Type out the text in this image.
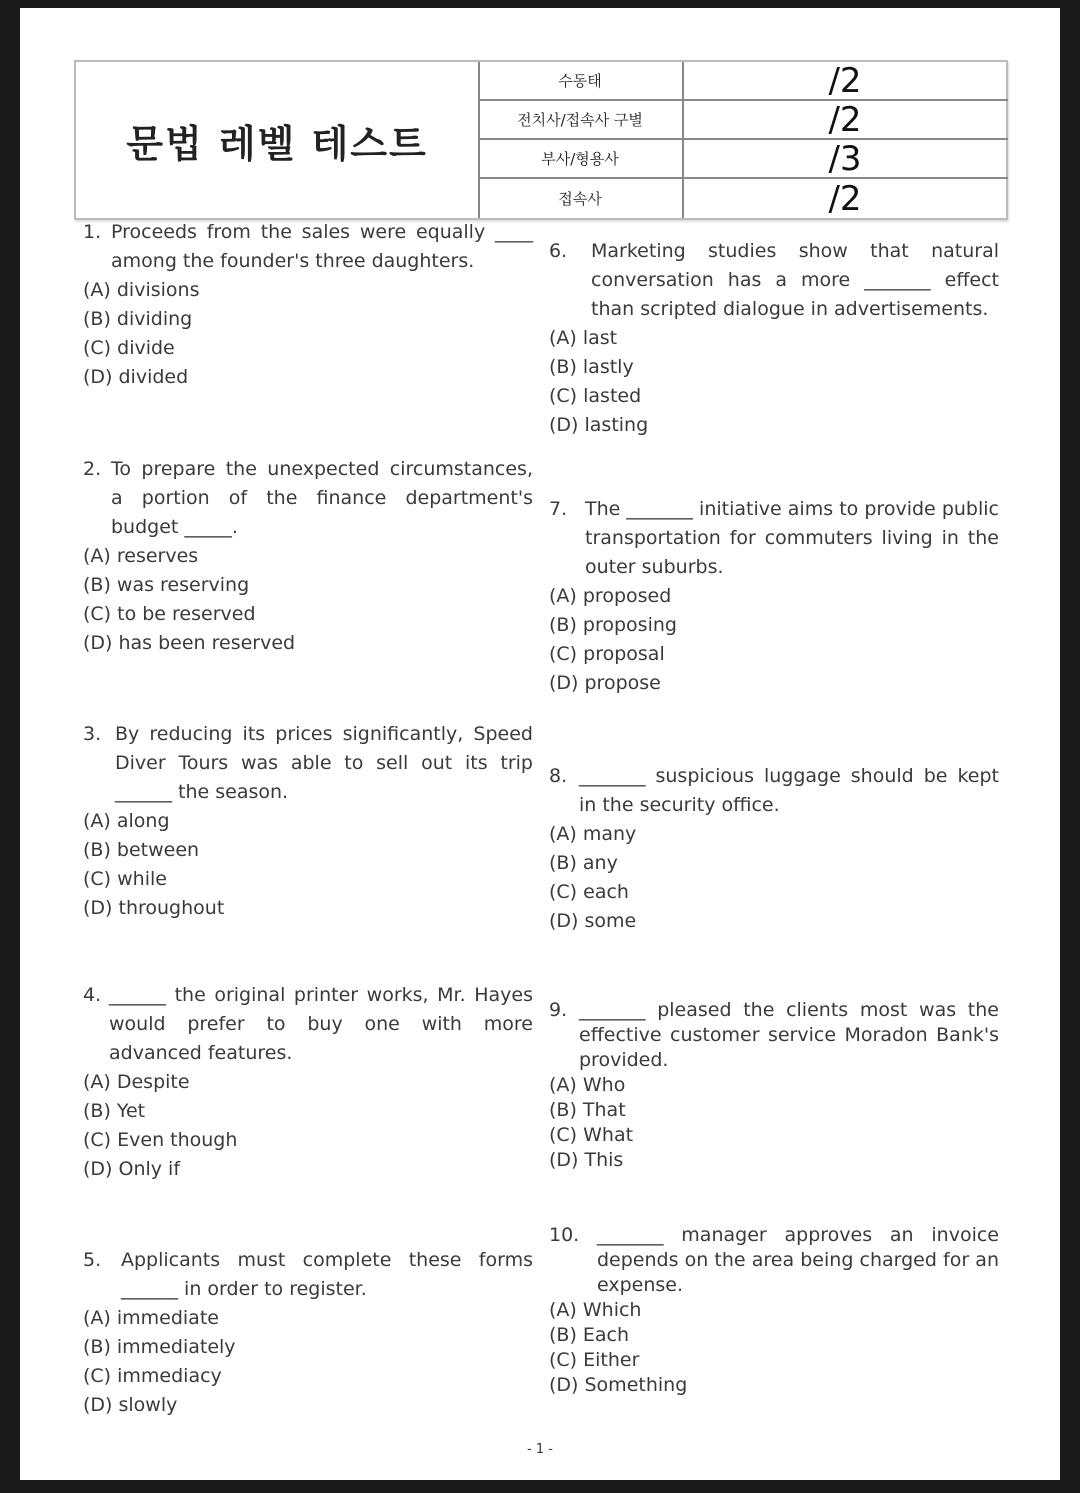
문법 레벨 테스트
수동태	/2
전치사/접속사 구별	/2
부사/형용사	/3
접속사	/2
1. Proceeds from the sales were equally ____ among the founder's three daughters.
(A) divisions
(B) dividing
(C) divide
(D) divided
2. To prepare the unexpected circumstances, a portion of the finance department's budget _____.
(A) reserves
(B) was reserving
(C) to be reserved
(D) has been reserved
3. By reducing its prices significantly, Speed Diver Tours was able to sell out its trip ______ the season.
(A) along
(B) between
(C) while
(D) throughout
4. ______ the original printer works, Mr. Hayes would prefer to buy one with more advanced features.
(A) Despite
(B) Yet
(C) Even though
(D) Only if
5.	Applicants must complete these forms ______ in order to register.
(A) immediate
(B) immediately
(C) immediacy
(D) slowly
6.	Marketing studies show that natural conversation has a more _______ effect than scripted dialogue in advertisements.
(A) last
(B) lastly
(C) lasted
(D) lasting
7. The _______ initiative aims to provide public transportation for commuters living in the outer suburbs.
(A) proposed
(B) proposing
(C) proposal
(D) propose
8. _______ suspicious luggage should be kept in the security office.
(A) many
(B) any
(C) each
(D) some
9. _______ pleased the clients most was the effective customer service Moradon Bank's provided.
(A) Who
(B) That
(C) What
(D) This
10. _______ manager approves an invoice depends on the area being charged for an expense.
(A) Which
(B) Each
(C) Either
(D) Something
- 1 -
